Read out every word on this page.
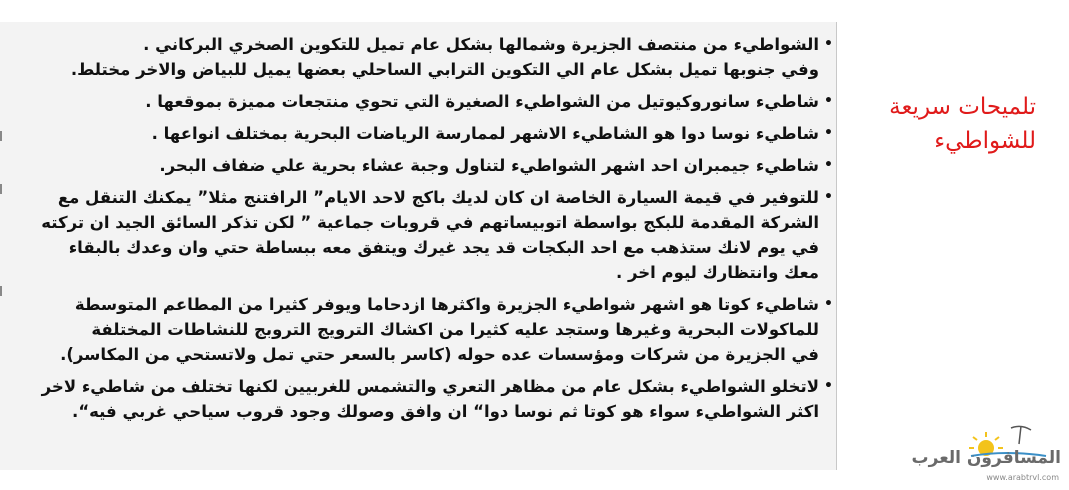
تلميحات سريعة
للشواطيء
•
الشواطيء من منتصف الجزيرة وشمالها بشكل عام تميل للتكوين الصخري البركاني .
وفي جنوبها تميل بشكل عام الي التكوين الترابي الساحلي بعضها يميل للبياض والاخر مختلط.
•
شاطيء سانوروكيوتيل من الشواطيء الصغيرة التي تحوي منتجعات مميزة بموقعها .
•
شاطيء نوسا دوا هو الشاطيء الاشهر لممارسة الرياضات البحرية بمختلف انواعها .
•
شاطيء جيمبران احد اشهر الشواطيء لتناول وجبة عشاء بحرية علي ضفاف البحر.
•
للتوفير في قيمة السيارة الخاصة ان كان لديك باكج لاحد الايام” الرافتنج مثلا” يمكنك التنقل مع
الشركة المقدمة للبكج بواسطة اتوبيساتهم في قروبات جماعية ” لكن تذكر السائق الجيد ان تركته
في يوم لانك ستذهب مع احد البكجات قد يجد غيرك ويتفق معه ببساطة حتي وان وعدك بالبقاء
معك وانتظارك ليوم اخر .
•
شاطيء كوتا هو اشهر شواطيء الجزيرة واكثرها ازدحاما ويوفر كثيرا من المطاعم المتوسطة
للماكولات البحرية وغيرها وستجد عليه كثيرا من اكشاك الترويج التروبج للنشاطات المختلفة
في الجزيرة من شركات ومؤسسات عده حوله (كاسر بالسعر حتي تمل ولاتستحي من المكاسر).
•
لاتخلو الشواطيء بشكل عام من مظاهر التعري والتشمس للغربيين لكنها تختلف من شاطيء لاخر
اكثر الشواطيء سواء هو كوتا ثم نوسا دوا“ ان وافق وصولك وجود قروب سياحي غربي فيه“.
المسافرون العرب
www.arabtrvl.com
